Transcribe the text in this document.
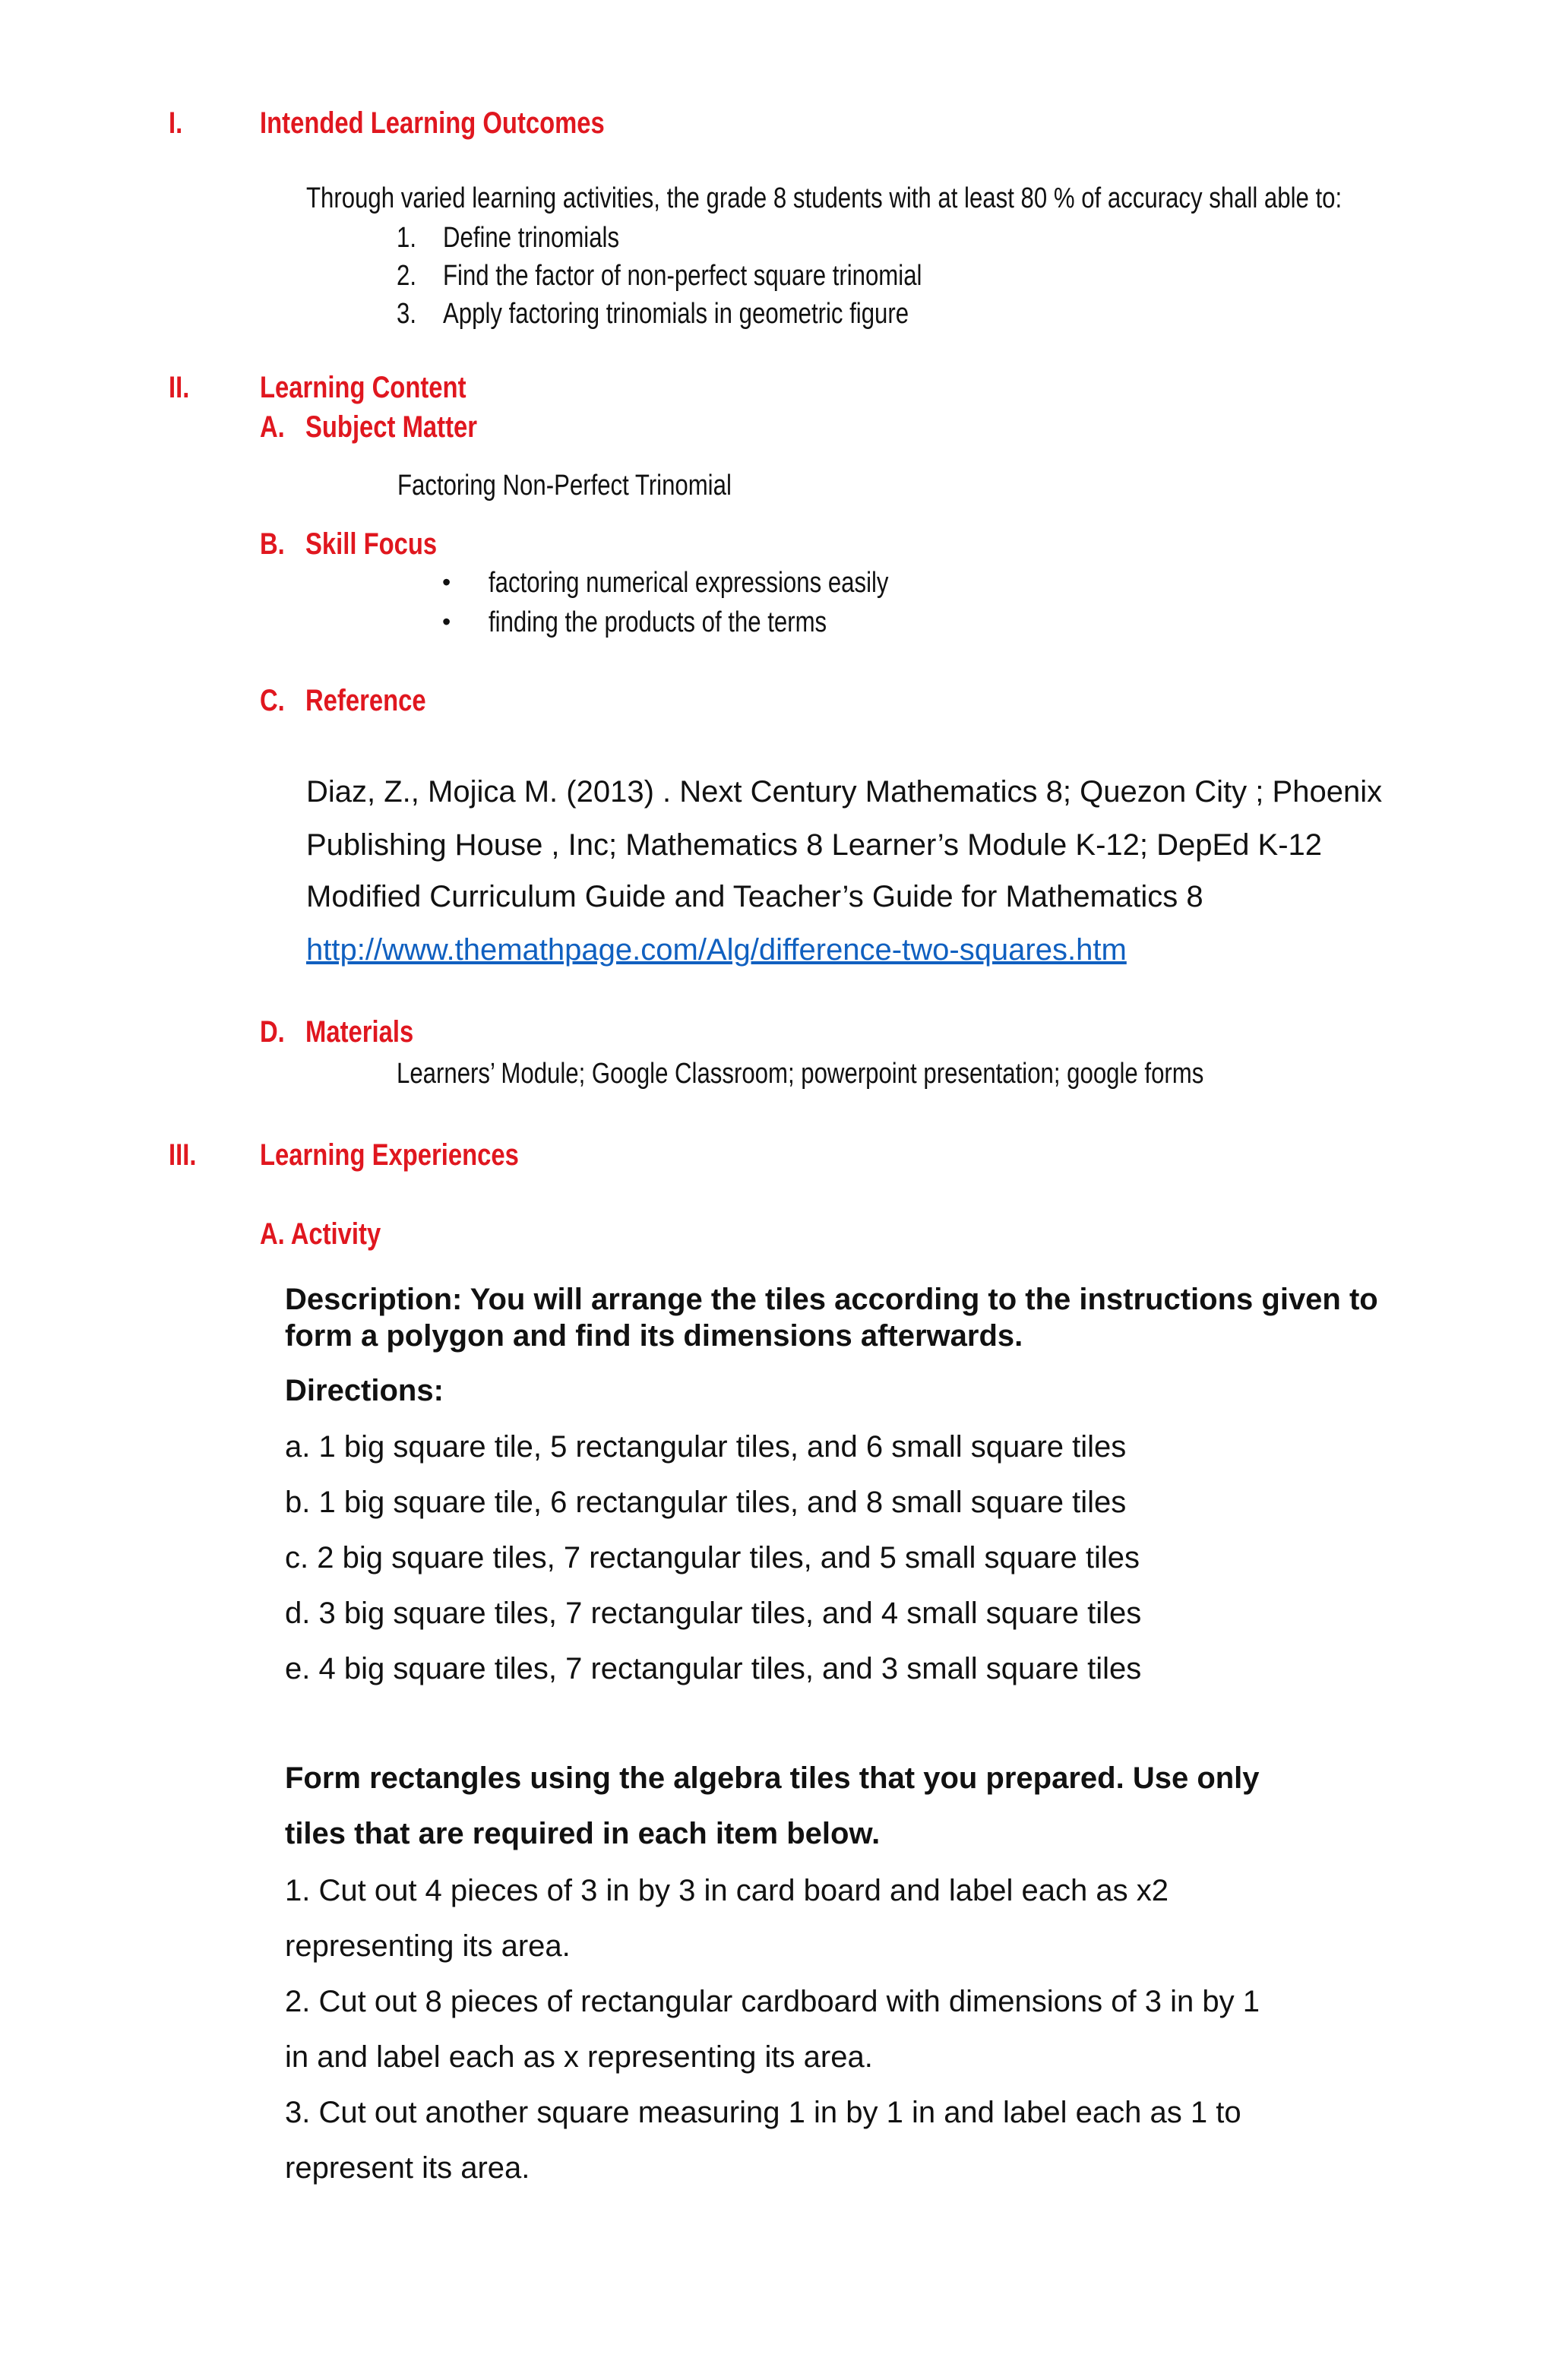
I.	Intended Learning Outcomes
Through varied learning activities, the grade 8 students with at least 80 % of accuracy shall able to:
1. Define trinomials
2. Find the factor of non-perfect square trinomial
3. Apply factoring trinomials in geometric figure
II. Learning Content
A. Subject Matter
Factoring Non-Perfect Trinomial
B. Skill Focus
• factoring numerical expressions easily
• finding the products of the terms
C. Reference
Diaz, Z., Mojica M. (2013) . Next Century Mathematics 8; Quezon City ; Phoenix
Publishing House , Inc; Mathematics 8 Learner’s Module K-12; DepEd K-12
Modified Curriculum Guide and Teacher’s Guide for Mathematics 8
http://www.themathpage.com/Alg/difference-two-squares.htm
D. Materials
Learners’ Module; Google Classroom; powerpoint presentation; google forms
III. Learning Experiences
A. Activity
Description: You will arrange the tiles according to the instructions given to
form a polygon and find its dimensions afterwards.
Directions:
a. 1 big square tile, 5 rectangular tiles, and 6 small square tiles
b. 1 big square tile, 6 rectangular tiles, and 8 small square tiles
c. 2 big square tiles, 7 rectangular tiles, and 5 small square tiles
d. 3 big square tiles, 7 rectangular tiles, and 4 small square tiles
e. 4 big square tiles, 7 rectangular tiles, and 3 small square tiles
Form rectangles using the algebra tiles that you prepared. Use only
tiles that are required in each item below.
1. Cut out 4 pieces of 3 in by 3 in card board and label each as x2
representing its area.
2. Cut out 8 pieces of rectangular cardboard with dimensions of 3 in by 1
in and label each as x representing its area.
3. Cut out another square measuring 1 in by 1 in and label each as 1 to
represent its area.
